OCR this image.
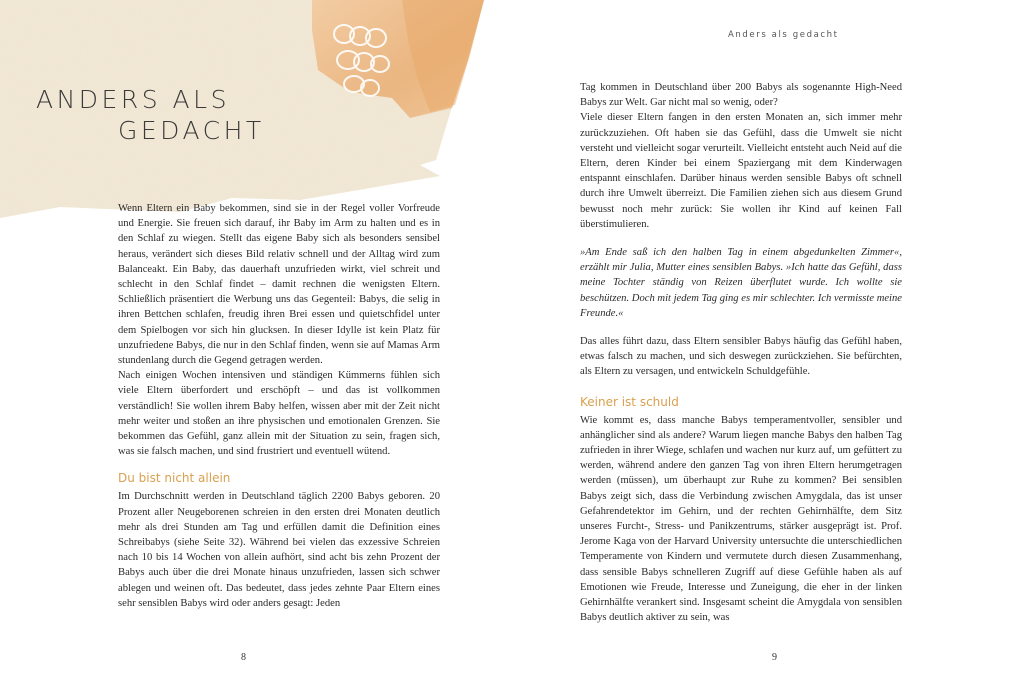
ANDERS ALS
GEDACHT

Wenn Eltern ein Baby bekommen, sind sie in der Regel voller Vorfreude und Energie. Sie freuen sich darauf, ihr Baby im Arm zu halten und es in den Schlaf zu wiegen. Stellt das eigene Baby sich als besonders sensibel heraus, verändert sich dieses Bild relativ schnell und der Alltag wird zum Balanceakt. Ein Baby, das dauerhaft unzufrieden wirkt, viel schreit und schlecht in den Schlaf findet – damit rechnen die wenigsten Eltern. Schließlich präsentiert die Werbung uns das Gegenteil: Babys, die selig in ihren Bettchen schlafen, freudig ihren Brei essen und quietschfidel unter dem Spielbogen vor sich hin glucksen. In dieser Idylle ist kein Platz für unzufriedene Babys, die nur in den Schlaf finden, wenn sie auf Mamas Arm stundenlang durch die Gegend getragen werden.

Nach einigen Wochen intensiven und ständigen Kümmerns fühlen sich viele Eltern überfordert und erschöpft – und das ist vollkommen verständlich! Sie wollen ihrem Baby helfen, wissen aber mit der Zeit nicht mehr weiter und stoßen an ihre physischen und emotionalen Grenzen. Sie bekommen das Gefühl, ganz allein mit der Situation zu sein, fragen sich, was sie falsch machen, und sind frustriert und eventuell wütend.

Du bist nicht allein

Im Durchschnitt werden in Deutschland täglich 2200 Babys geboren. 20 Prozent aller Neugeborenen schreien in den ersten drei Monaten deutlich mehr als drei Stunden am Tag und erfüllen damit die Definition eines Schreibabys (siehe Seite 32). Während bei vielen das exzessive Schreien nach 10 bis 14 Wochen von allein aufhört, sind acht bis zehn Prozent der Babys auch über die drei Monate hinaus unzufrieden, lassen sich schwer ablegen und weinen oft. Das bedeutet, dass jedes zehnte Paar Eltern eines sehr sensiblen Babys wird oder anders gesagt: Jeden

8
Anders als gedacht

Tag kommen in Deutschland über 200 Babys als sogenannte High-Need Babys zur Welt. Gar nicht mal so wenig, oder?

Viele dieser Eltern fangen in den ersten Monaten an, sich immer mehr zurückzuziehen. Oft haben sie das Gefühl, dass die Umwelt sie nicht versteht und vielleicht sogar verurteilt. Vielleicht entsteht auch Neid auf die Eltern, deren Kinder bei einem Spaziergang mit dem Kinderwagen entspannt einschlafen. Darüber hinaus werden sensible Babys oft schnell durch ihre Umwelt überreizt. Die Familien ziehen sich aus diesem Grund bewusst noch mehr zurück: Sie wollen ihr Kind auf keinen Fall überstimulieren.

»Am Ende saß ich den halben Tag in einem abgedunkelten Zimmer«, erzählt mir Julia, Mutter eines sensiblen Babys. »Ich hatte das Gefühl, dass meine Tochter ständig von Reizen überflutet wurde. Ich wollte sie beschützen. Doch mit jedem Tag ging es mir schlechter. Ich vermisste meine Freunde.«

Das alles führt dazu, dass Eltern sensibler Babys häufig das Gefühl haben, etwas falsch zu machen, und sich deswegen zurückziehen. Sie befürchten, als Eltern zu versagen, und entwickeln Schuldgefühle.

Keiner ist schuld

Wie kommt es, dass manche Babys temperamentvoller, sensibler und anhänglicher sind als andere? Warum liegen manche Babys den halben Tag zufrieden in ihrer Wiege, schlafen und wachen nur kurz auf, um gefüttert zu werden, während andere den ganzen Tag von ihren Eltern herumgetragen werden (müssen), um überhaupt zur Ruhe zu kommen? Bei sensiblen Babys zeigt sich, dass die Verbindung zwischen Amygdala, das ist unser Gefahrendetektor im Gehirn, und der rechten Gehirnhälfte, dem Sitz unseres Furcht-, Stress- und Panikzentrums, stärker ausgeprägt ist. Prof. Jerome Kaga von der Harvard University untersuchte die unterschiedlichen Temperamente von Kindern und vermutete durch diesen Zusammenhang, dass sensible Babys schnelleren Zugriff auf diese Gefühle haben als auf Emotionen wie Freude, Interesse und Zuneigung, die eher in der linken Gehirnhälfte verankert sind. Insgesamt scheint die Amygdala von sensiblen Babys deutlich aktiver zu sein, was

9
